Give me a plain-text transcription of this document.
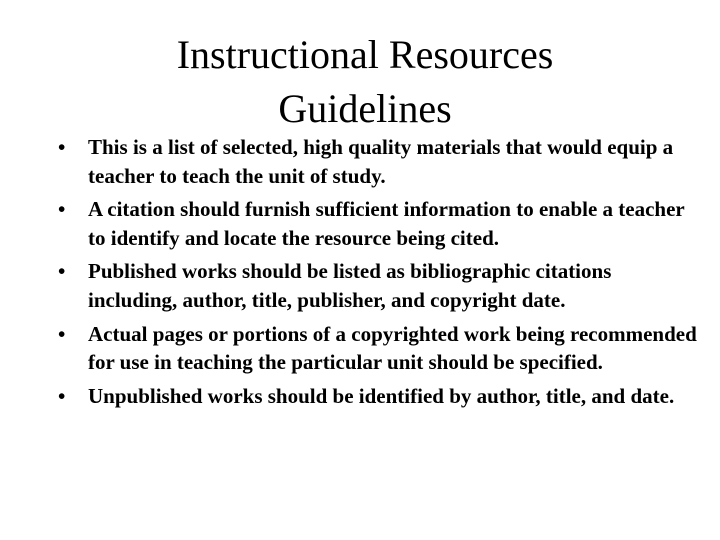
Instructional Resources
Guidelines
• This is a list of selected, high quality materials that would equip a teacher to teach the unit of study.
• A citation should furnish sufficient information to enable a teacher to identify and locate the resource being cited.
• Published works should be listed as bibliographic citations including, author, title, publisher, and copyright date.
• Actual pages or portions of a copyrighted work being recommended for use in teaching the particular unit should be specified.
• Unpublished works should be identified by author, title, and date.
